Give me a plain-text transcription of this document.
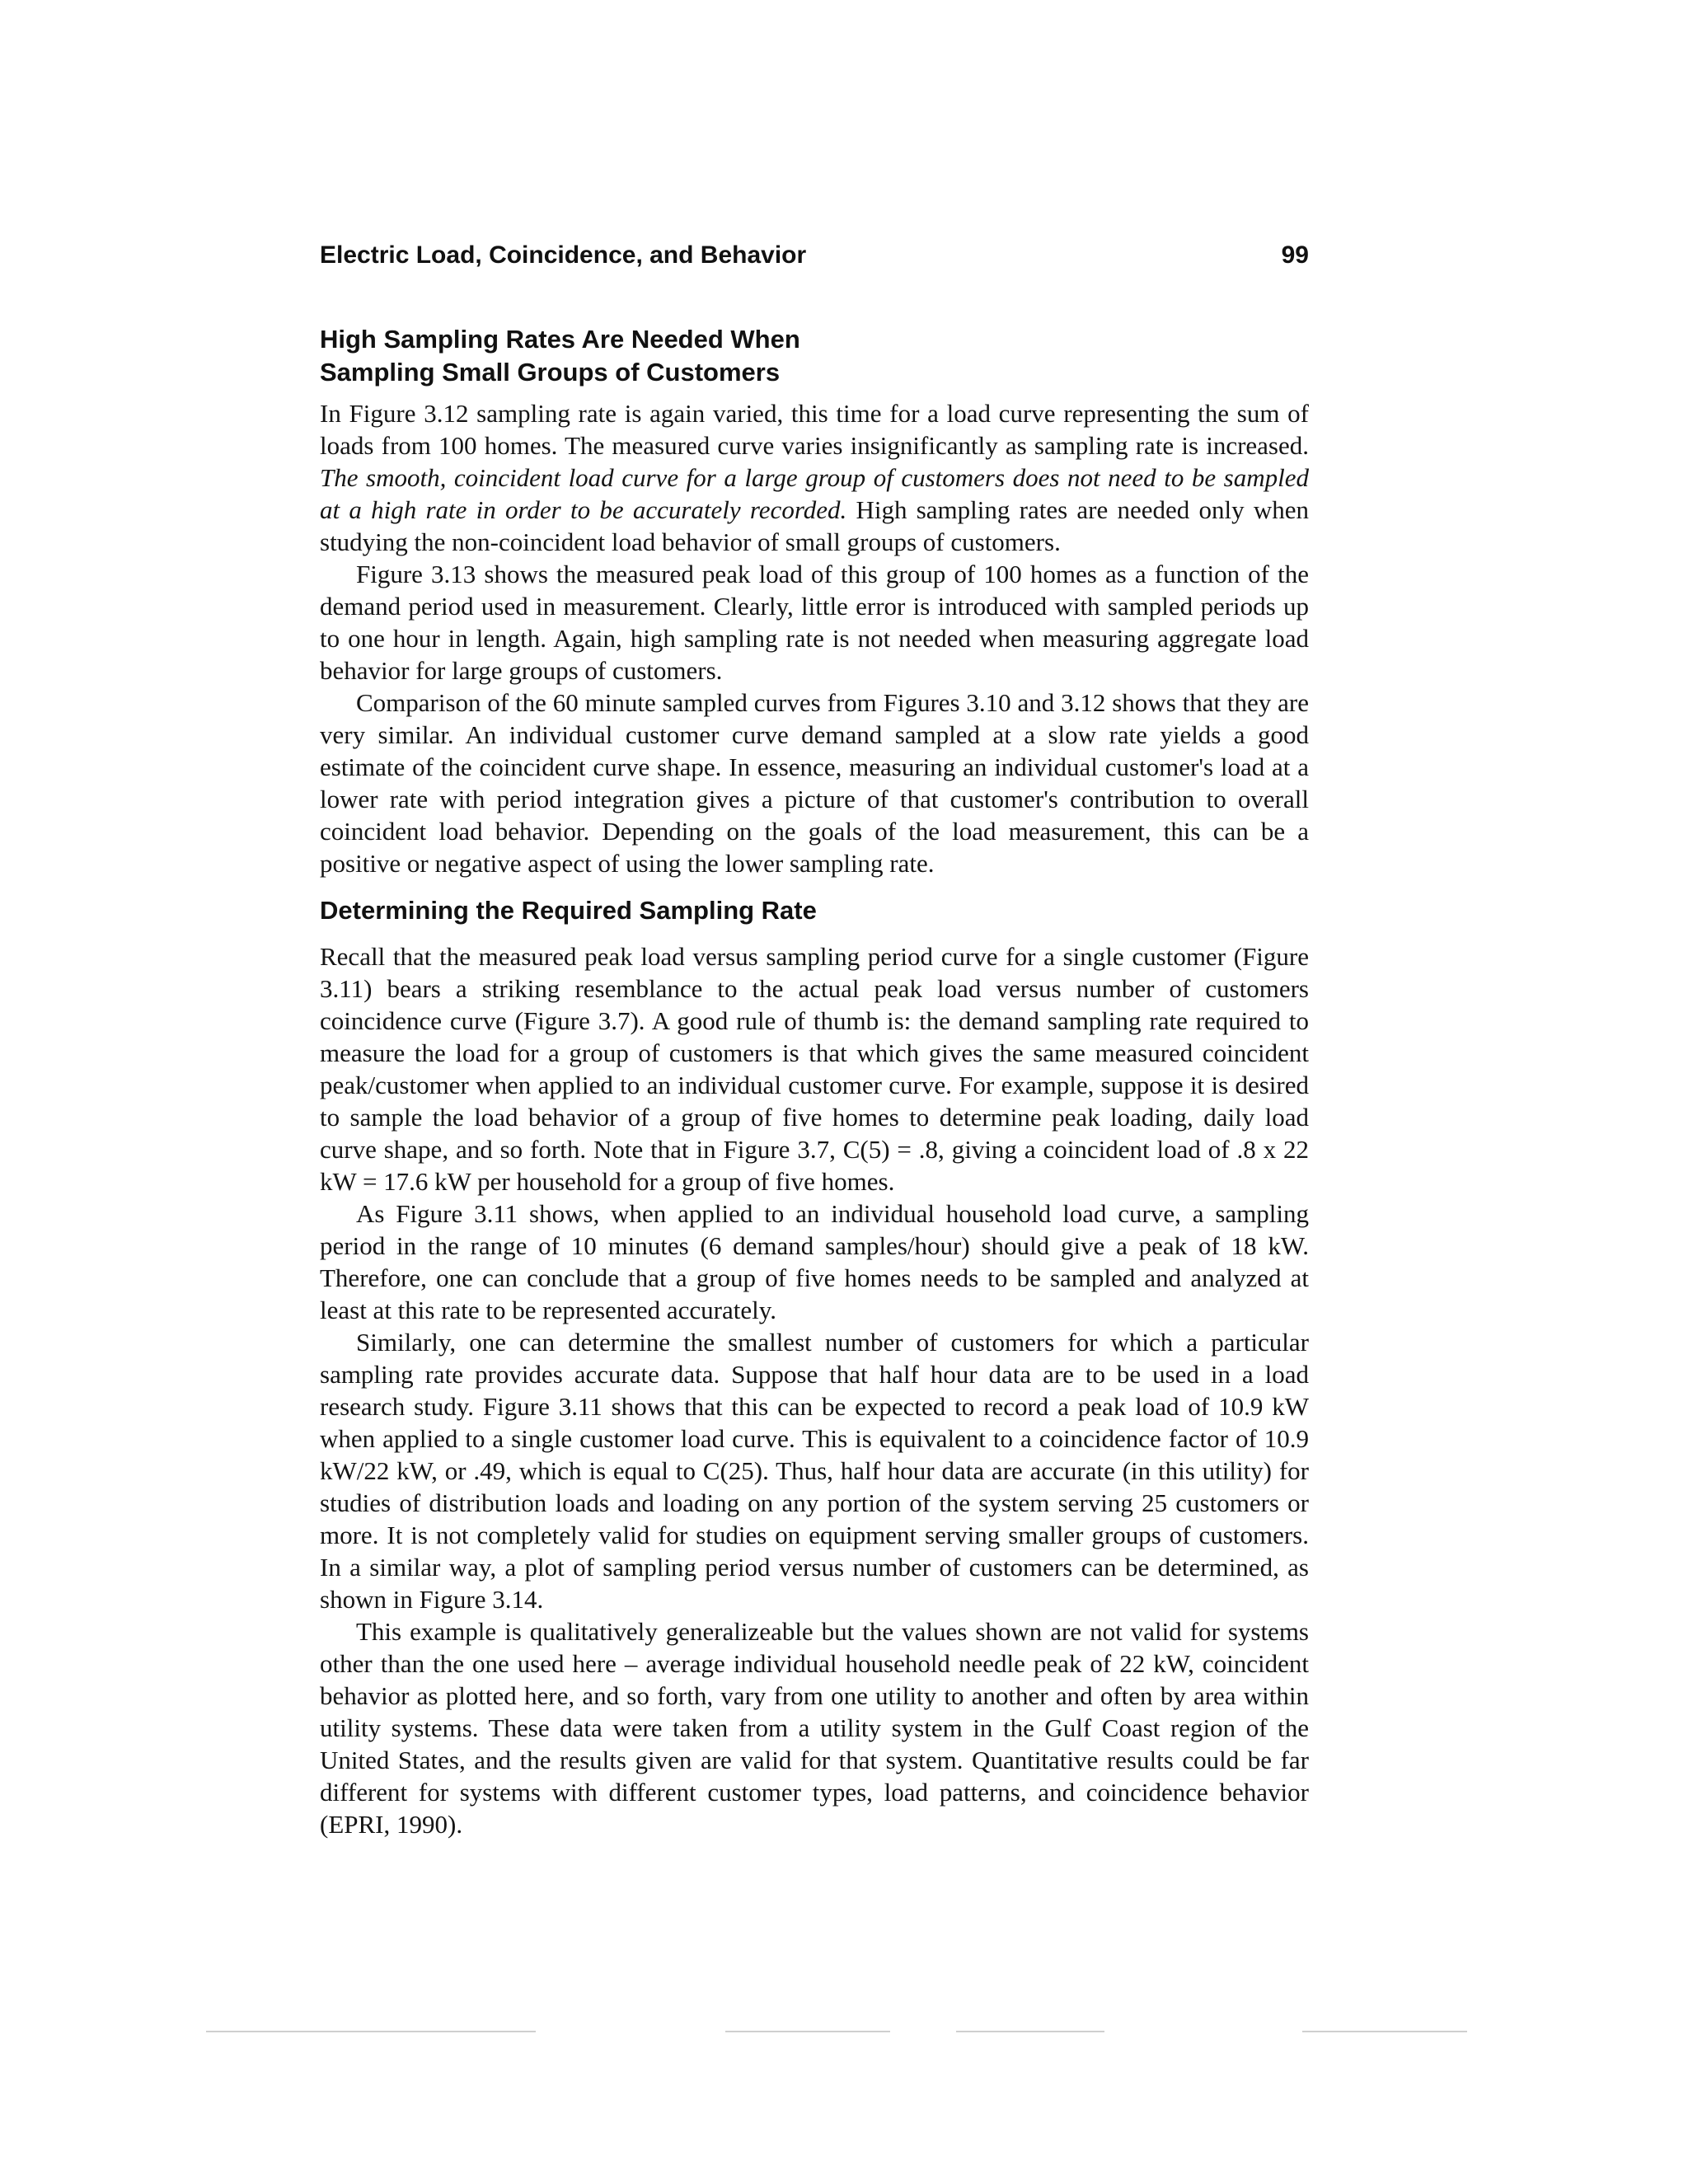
Electric Load, Coincidence, and Behavior	99
High Sampling Rates Are Needed When
Sampling Small Groups of Customers

In Figure 3.12 sampling rate is again varied, this time for a load curve representing the sum of loads from 100 homes. The measured curve varies insignificantly as sampling rate is increased. The smooth, coincident load curve for a large group of customers does not need to be sampled at a high rate in order to be accurately recorded. High sampling rates are needed only when studying the non-coincident load behavior of small groups of customers.

Figure 3.13 shows the measured peak load of this group of 100 homes as a function of the demand period used in measurement. Clearly, little error is introduced with sampled periods up to one hour in length. Again, high sampling rate is not needed when measuring aggregate load behavior for large groups of customers.

Comparison of the 60 minute sampled curves from Figures 3.10 and 3.12 shows that they are very similar. An individual customer curve demand sampled at a slow rate yields a good estimate of the coincident curve shape. In essence, measuring an individual customer's load at a lower rate with period integration gives a picture of that customer's contribution to overall coincident load behavior. Depending on the goals of the load measurement, this can be a positive or negative aspect of using the lower sampling rate.

Determining the Required Sampling Rate

Recall that the measured peak load versus sampling period curve for a single customer (Figure 3.11) bears a striking resemblance to the actual peak load versus number of customers coincidence curve (Figure 3.7). A good rule of thumb is: the demand sampling rate required to measure the load for a group of customers is that which gives the same measured coincident peak/customer when applied to an individual customer curve. For example, suppose it is desired to sample the load behavior of a group of five homes to determine peak loading, daily load curve shape, and so forth. Note that in Figure 3.7, C(5) = .8, giving a coincident load of .8 x 22 kW = 17.6 kW per household for a group of five homes.

As Figure 3.11 shows, when applied to an individual household load curve, a sampling period in the range of 10 minutes (6 demand samples/hour) should give a peak of 18 kW. Therefore, one can conclude that a group of five homes needs to be sampled and analyzed at least at this rate to be represented accurately.

Similarly, one can determine the smallest number of customers for which a particular sampling rate provides accurate data. Suppose that half hour data are to be used in a load research study. Figure 3.11 shows that this can be expected to record a peak load of 10.9 kW when applied to a single customer load curve. This is equivalent to a coincidence factor of 10.9 kW/22 kW, or .49, which is equal to C(25). Thus, half hour data are accurate (in this utility) for studies of distribution loads and loading on any portion of the system serving 25 customers or more. It is not completely valid for studies on equipment serving smaller groups of customers. In a similar way, a plot of sampling period versus number of customers can be determined, as shown in Figure 3.14.

This example is qualitatively generalizeable but the values shown are not valid for systems other than the one used here – average individual household needle peak of 22 kW, coincident behavior as plotted here, and so forth, vary from one utility to another and often by area within utility systems. These data were taken from a utility system in the Gulf Coast region of the United States, and the results given are valid for that system. Quantitative results could be far different for systems with different customer types, load patterns, and coincidence behavior (EPRI, 1990).
